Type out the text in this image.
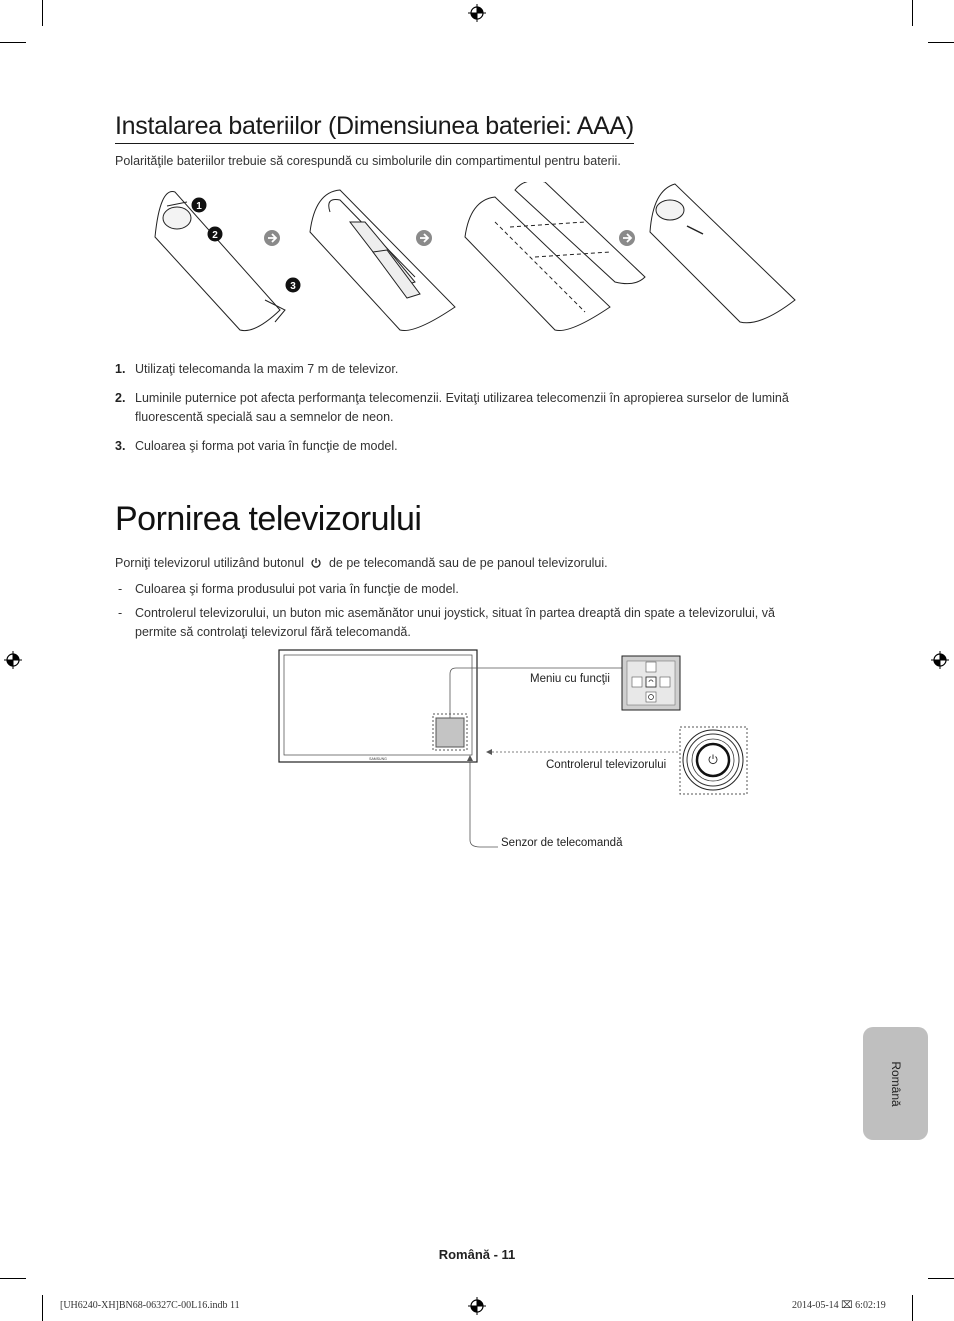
Instalarea bateriilor (Dimensiunea bateriei: AAA)
Polarităţile bateriilor trebuie să corespundă cu simbolurile din compartimentul pentru baterii.
1
2
3
1. Utilizaţi telecomanda la maxim 7 m de televizor.
2. Luminile puternice pot afecta performanţa telecomenzii. Evitaţi utilizarea telecomenzii în apropierea surselor de lumină fluorescentă specială sau a semnelor de neon.
3. Culoarea şi forma pot varia în funcţie de model.
Pornirea televizorului
Porniţi televizorul utilizând butonul de pe telecomandă sau de pe panoul televizorului.
- Culoarea şi forma produsului pot varia în funcţie de model.
- Controlerul televizorului, un buton mic asemănător unui joystick, situat în partea dreaptă din spate a televizorului, vă permite să controlaţi televizorul fără telecomandă.
SAMSUNG
Meniu cu funcţii
Controlerul televizorului
Senzor de telecomandă
Română
Română - 11
[UH6240-XH]BN68-06327C-00L16.indb 11	2014-05-14 ⌧ 6:02:19
